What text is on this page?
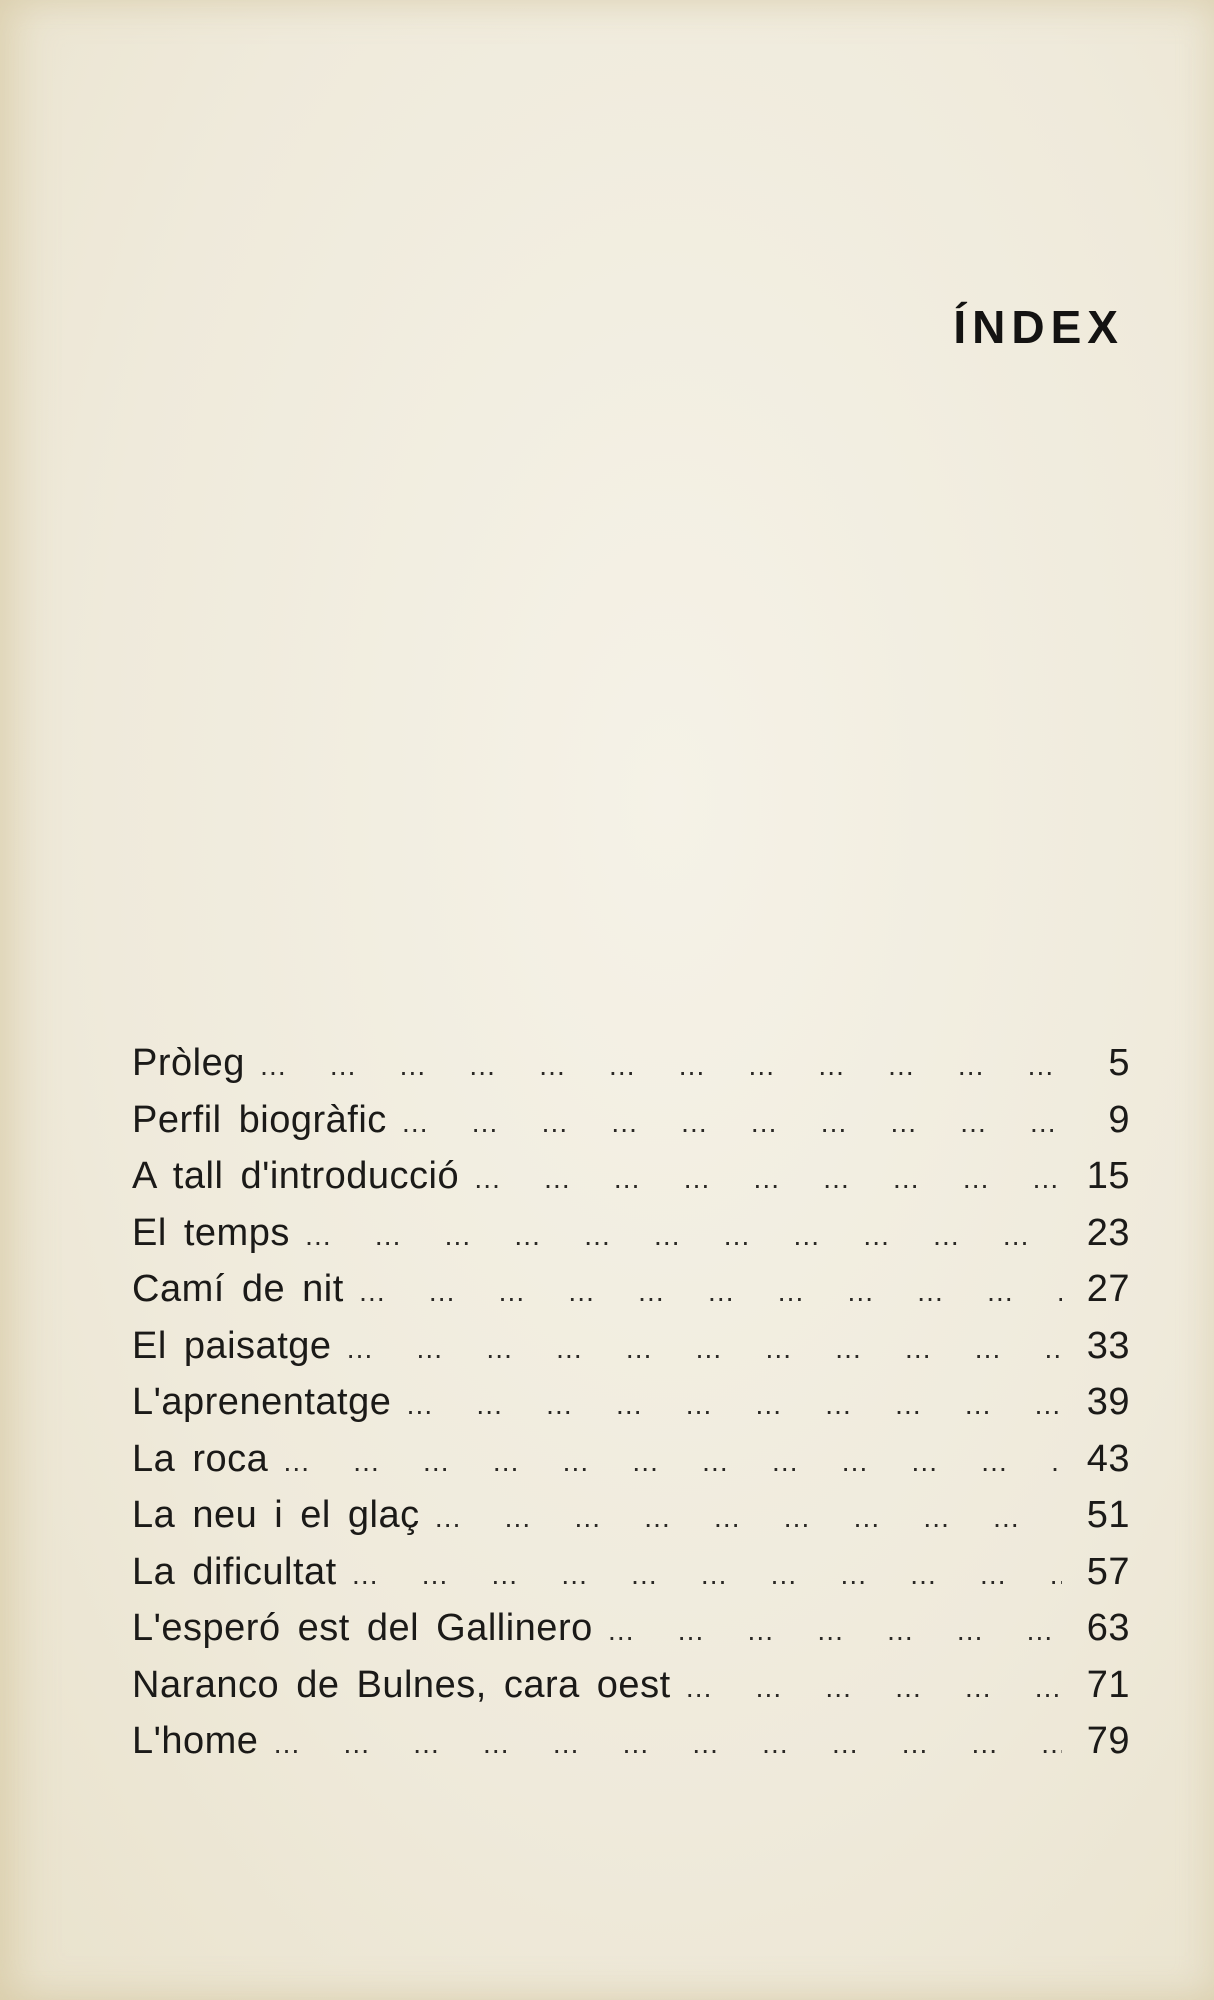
ÍNDEX
Pròleg … … … … … … … … … … … … … … … … … … … … … … … … …	5
Perfil biogràfic … … … … … … … … … … … … … … … … … … … … … … … … …	9
A tall d'introducció … … … … … … … … … … … … … … … … … … … … … … … … …	15
El temps … … … … … … … … … … … … … … … … … … … … … … … … …	23
Camí de nit … … … … … … … … … … … … … … … … … … … … … … … … …	27
El paisatge … … … … … … … … … … … … … … … … … … … … … … … … …	33
L'aprenentatge … … … … … … … … … … … … … … … … … … … … … … … … …	39
La roca … … … … … … … … … … … … … … … … … … … … … … … … …	43
La neu i el glaç … … … … … … … … … … … … … … … … … … … … … … … … …	51
La dificultat … … … … … … … … … … … … … … … … … … … … … … … … …	57
L'esperó est del Gallinero … … … … … … … … … … … … … … … … … … … … … … … … …	63
Naranco de Bulnes, cara oest … … … … … … … … … … … … … … … … … … … … … … … … …	71
L'home … … … … … … … … … … … … … … … … … … … … … … … … …	79
